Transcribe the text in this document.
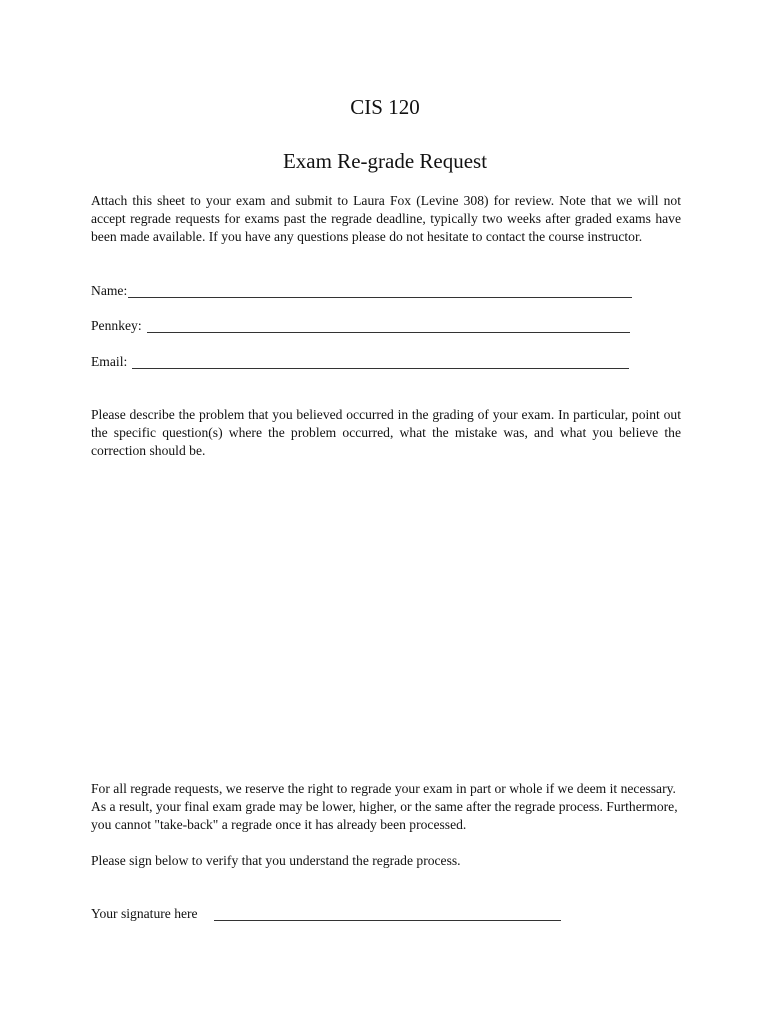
CIS 120
Exam Re-grade Request

Attach this sheet to your exam and submit to Laura Fox (Levine 308) for review. Note that we will not accept regrade requests for exams past the regrade deadline, typically two weeks after graded exams have been made available. If you have any questions please do not hesitate to contact the course instructor.

Name:
Pennkey:
Email:

Please describe the problem that you believed occurred in the grading of your exam. In particular, point out the specific question(s) where the problem occurred, what the mistake was, and what you believe the correction should be.

For all regrade requests, we reserve the right to regrade your exam in part or whole if we deem it necessary. As a result, your final exam grade may be lower, higher, or the same after the regrade process. Furthermore, you cannot "take-back" a regrade once it has already been processed.

Please sign below to verify that you understand the regrade process.

Your signature here
